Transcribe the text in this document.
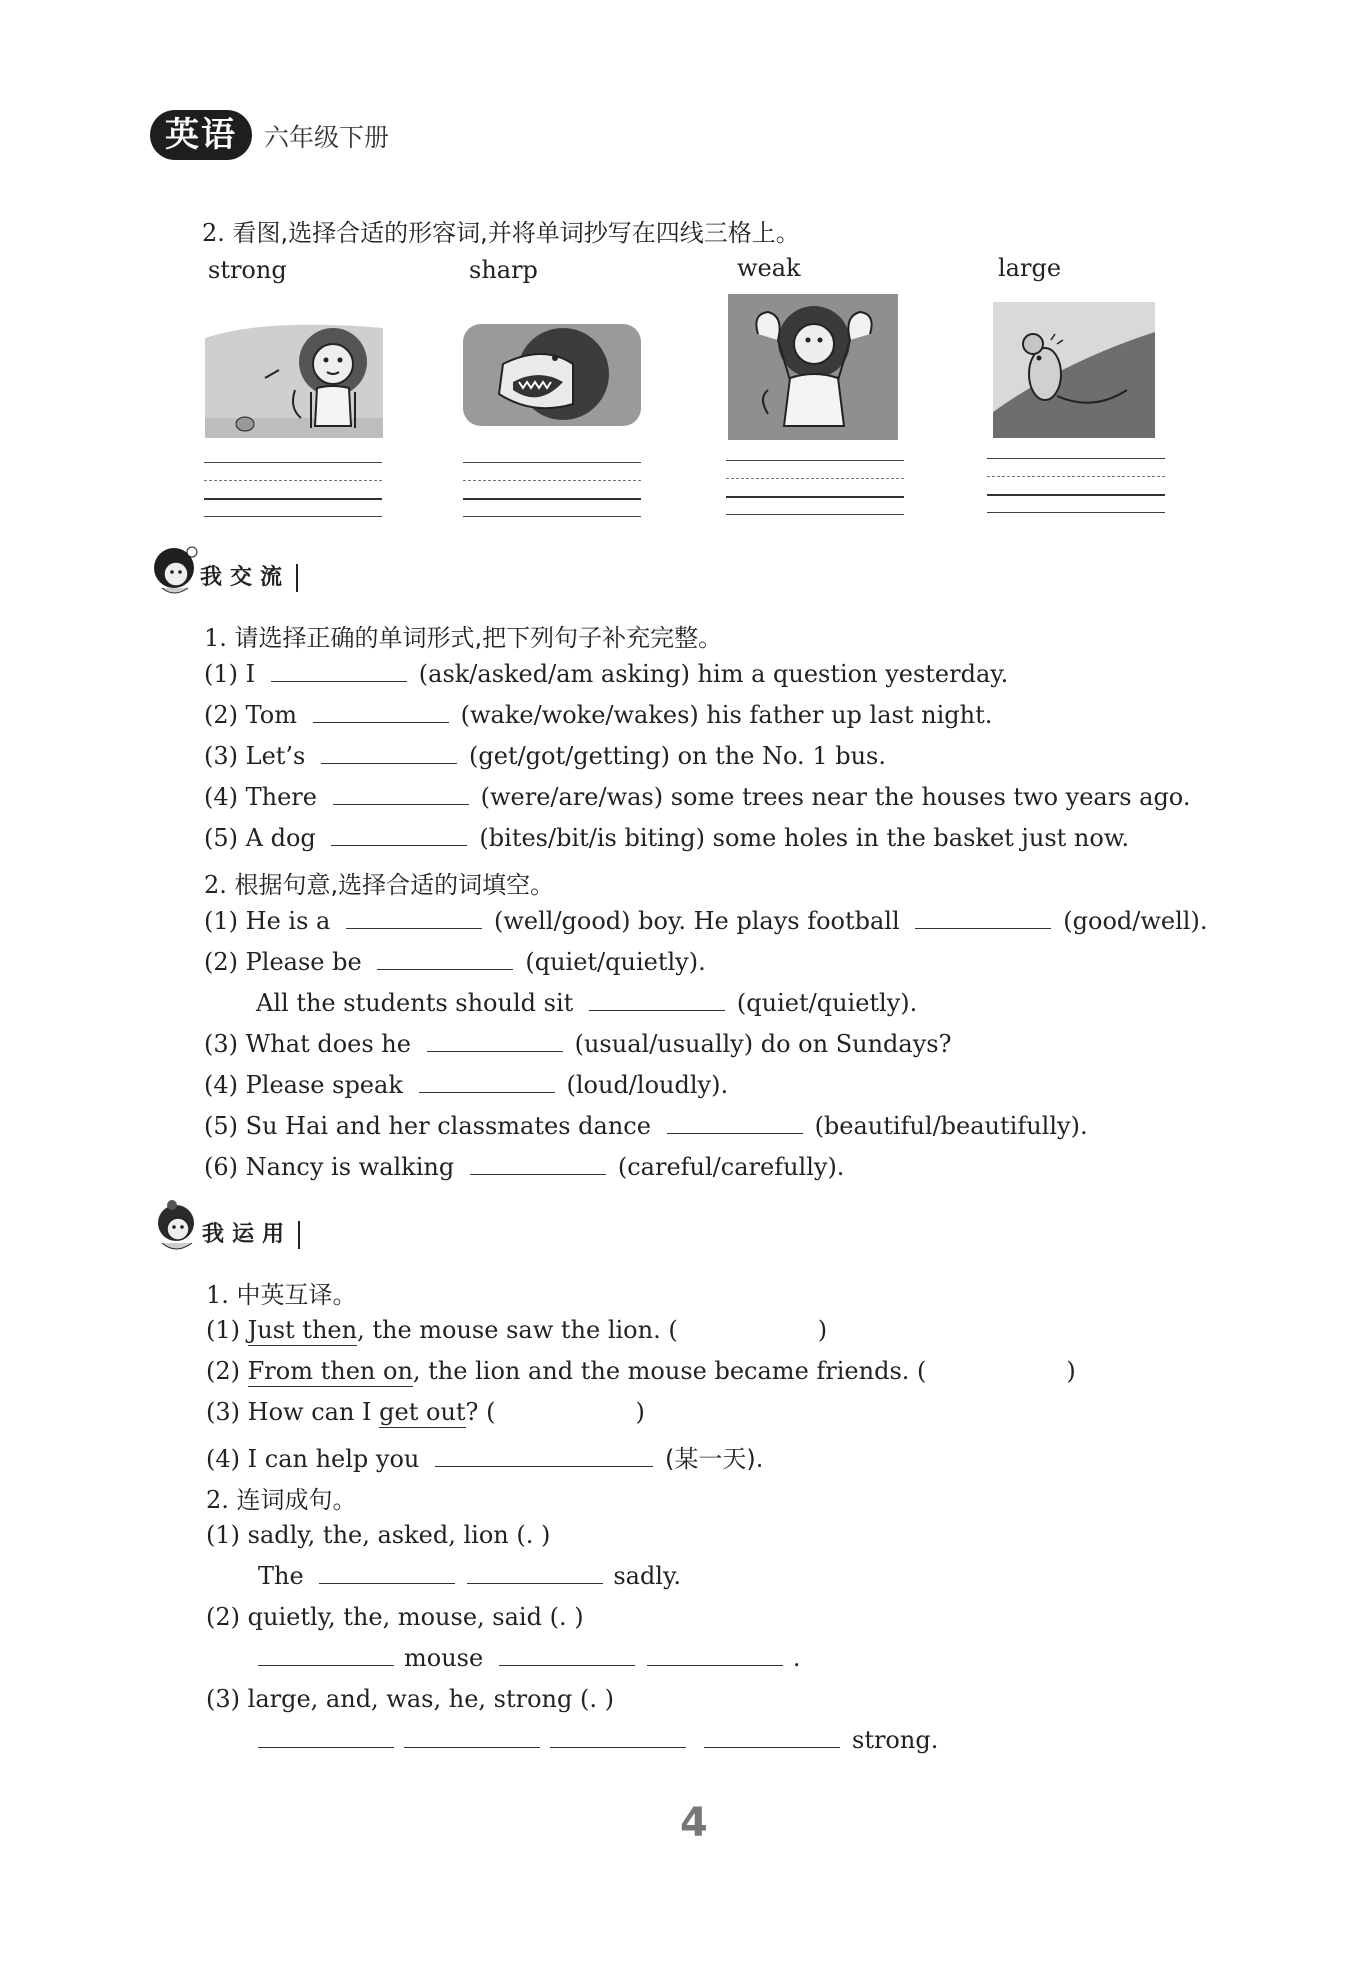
英语	六年级下册
2. 看图,选择合适的形容词,并将单词抄写在四线三格上。
strong	sharp	weak	large
我交流
1. 请选择正确的单词形式,把下列句子补充完整。
(1) I	(ask/asked/am asking) him a question yesterday.
(2) Tom	(wake/woke/wakes) his father up last night.
(3) Let’s	(get/got/getting) on the No. 1 bus.
(4) There	(were/are/was) some trees near the houses two years ago.
(5) A dog	(bites/bit/is biting) some holes in the basket just now.
2. 根据句意,选择合适的词填空。
(1) He is a	(well/good) boy. He plays football	(good/well).
(2) Please be	(quiet/quietly).
All the students should sit	(quiet/quietly).
(3) What does he	(usual/usually) do on Sundays?
(4) Please speak	(loud/loudly).
(5) Su Hai and her classmates dance	(beautiful/beautifully).
(6) Nancy is walking	(careful/carefully).
我运用
1. 中英互译。
(1) Just then, the mouse saw the lion. (	)
(2) From then on, the lion and the mouse became friends. (	)
(3) How can I get out? (	)
(4) I can help you	(某一天).
2. 连词成句。
(1) sadly, the, asked, lion (. )
The	sadly.
(2) quietly, the, mouse, said (. )
mouse	.
(3) large, and, was, he, strong (. )
strong.
4
